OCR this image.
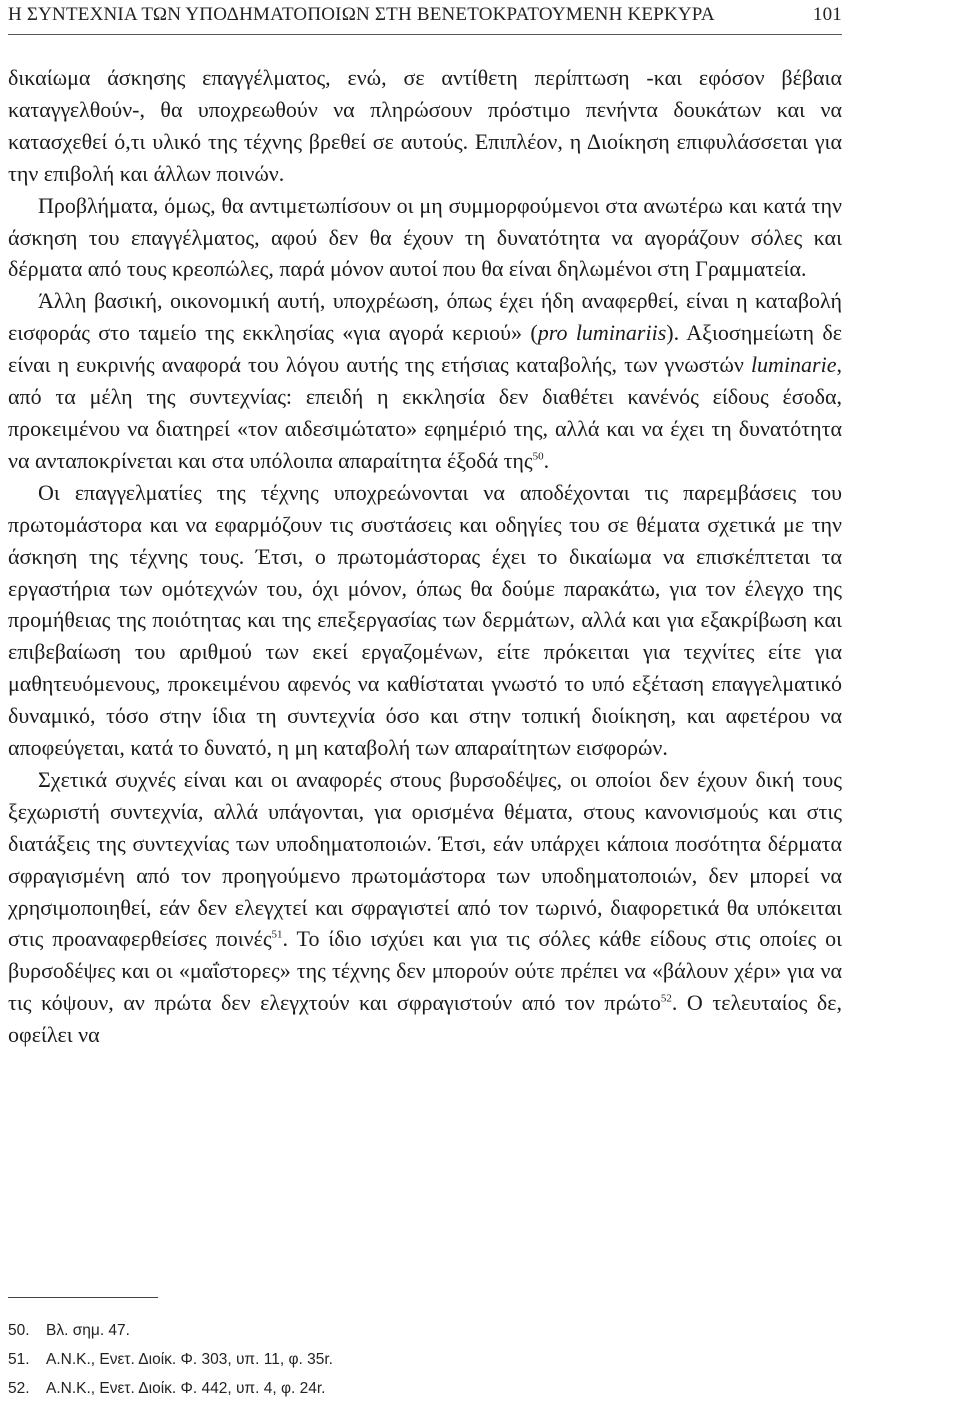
Η ΣΥΝΤΕΧΝΙΑ ΤΩΝ ΥΠΟΔΗΜΑΤΟΠΟΙΩΝ ΣΤΗ ΒΕΝΕΤΟΚΡΑΤΟΥΜΕΝΗ ΚΕΡΚΥΡΑ	101

δικαίωμα άσκησης επαγγέλματος, ενώ, σε αντίθετη περίπτωση -και εφόσον βέβαια καταγγελθούν-, θα υποχρεωθούν να πληρώσουν πρόστιμο πενήντα δουκάτων και να κατασχεθεί ό,τι υλικό της τέχνης βρεθεί σε αυτούς. Επιπλέον, η Διοίκηση επιφυλάσσεται για την επιβολή και άλλων ποινών.

Προβλήματα, όμως, θα αντιμετωπίσουν οι μη συμμορφούμενοι στα ανωτέρω και κατά την άσκηση του επαγγέλματος, αφού δεν θα έχουν τη δυνατότητα να αγοράζουν σόλες και δέρματα από τους κρεοπώλες, παρά μόνον αυτοί που θα είναι δηλωμένοι στη Γραμματεία.

Άλλη βασική, οικονομική αυτή, υποχρέωση, όπως έχει ήδη αναφερθεί, είναι η καταβολή εισφοράς στο ταμείο της εκκλησίας «για αγορά κεριού» (pro luminariis). Αξιοσημείωτη δε είναι η ευκρινής αναφορά του λόγου αυτής της ετήσιας καταβολής, των γνωστών luminarie, από τα μέλη της συντεχνίας: επειδή η εκκλησία δεν διαθέτει κανένός είδους έσοδα, προκειμένου να διατηρεί «τον αιδεσιμώτατο» εφημέριό της, αλλά και να έχει τη δυνατότητα να ανταποκρίνεται και στα υπόλοιπα απαραίτητα έξοδά της$^{50}$.

Οι επαγγελματίες της τέχνης υποχρεώνονται να αποδέχονται τις παρεμβάσεις του πρωτομάστορα και να εφαρμόζουν τις συστάσεις και οδηγίες του σε θέματα σχετικά με την άσκηση της τέχνης τους. Έτσι, ο πρωτομάστορας έχει το δικαίωμα να επισκέπτεται τα εργαστήρια των ομότεχνών του, όχι μόνον, όπως θα δούμε παρακάτω, για τον έλεγχο της προμήθειας της ποιότητας και της επεξεργασίας των δερμάτων, αλλά και για εξακρίβωση και επιβεβαίωση του αριθμού των εκεί εργαζομένων, είτε πρόκειται για τεχνίτες είτε για μαθητευόμενους, προκειμένου αφενός να καθίσταται γνωστό το υπό εξέταση επαγγελματικό δυναμικό, τόσο στην ίδια τη συντεχνία όσο και στην τοπική διοίκηση, και αφετέρου να αποφεύγεται, κατά το δυνατό, η μη καταβολή των απαραίτητων εισφορών.

Σχετικά συχνές είναι και οι αναφορές στους βυρσοδέψες, οι οποίοι δεν έχουν δική τους ξεχωριστή συντεχνία, αλλά υπάγονται, για ορισμένα θέματα, στους κανονισμούς και στις διατάξεις της συντεχνίας των υποδηματοποιών. Έτσι, εάν υπάρχει κάποια ποσότητα δέρματα σφραγισμένη από τον προηγούμενο πρωτομάστορα των υποδηματοποιών, δεν μπορεί να χρησιμοποιηθεί, εάν δεν ελεγχτεί και σφραγιστεί από τον τωρινό, διαφορετικά θα υπόκειται στις προαναφερθείσες ποινές$^{51}$. Το ίδιο ισχύει και για τις σόλες κάθε είδους στις οποίες οι βυρσοδέψες και οι «μαΐστορες» της τέχνης δεν μπορούν ούτε πρέπει να «βάλουν χέρι» για να τις κόψουν, αν πρώτα δεν ελεγχτούν και σφραγιστούν από τον πρώτο$^{52}$. Ο τελευταίος δε, οφείλει να

50.	Βλ. σημ. 47.
51.	Α.Ν.Κ., Ενετ. Διοίκ. Φ. 303, υπ. 11, φ. 35r.
52.	Α.Ν.Κ., Ενετ. Διοίκ. Φ. 442, υπ. 4, φ. 24r.
